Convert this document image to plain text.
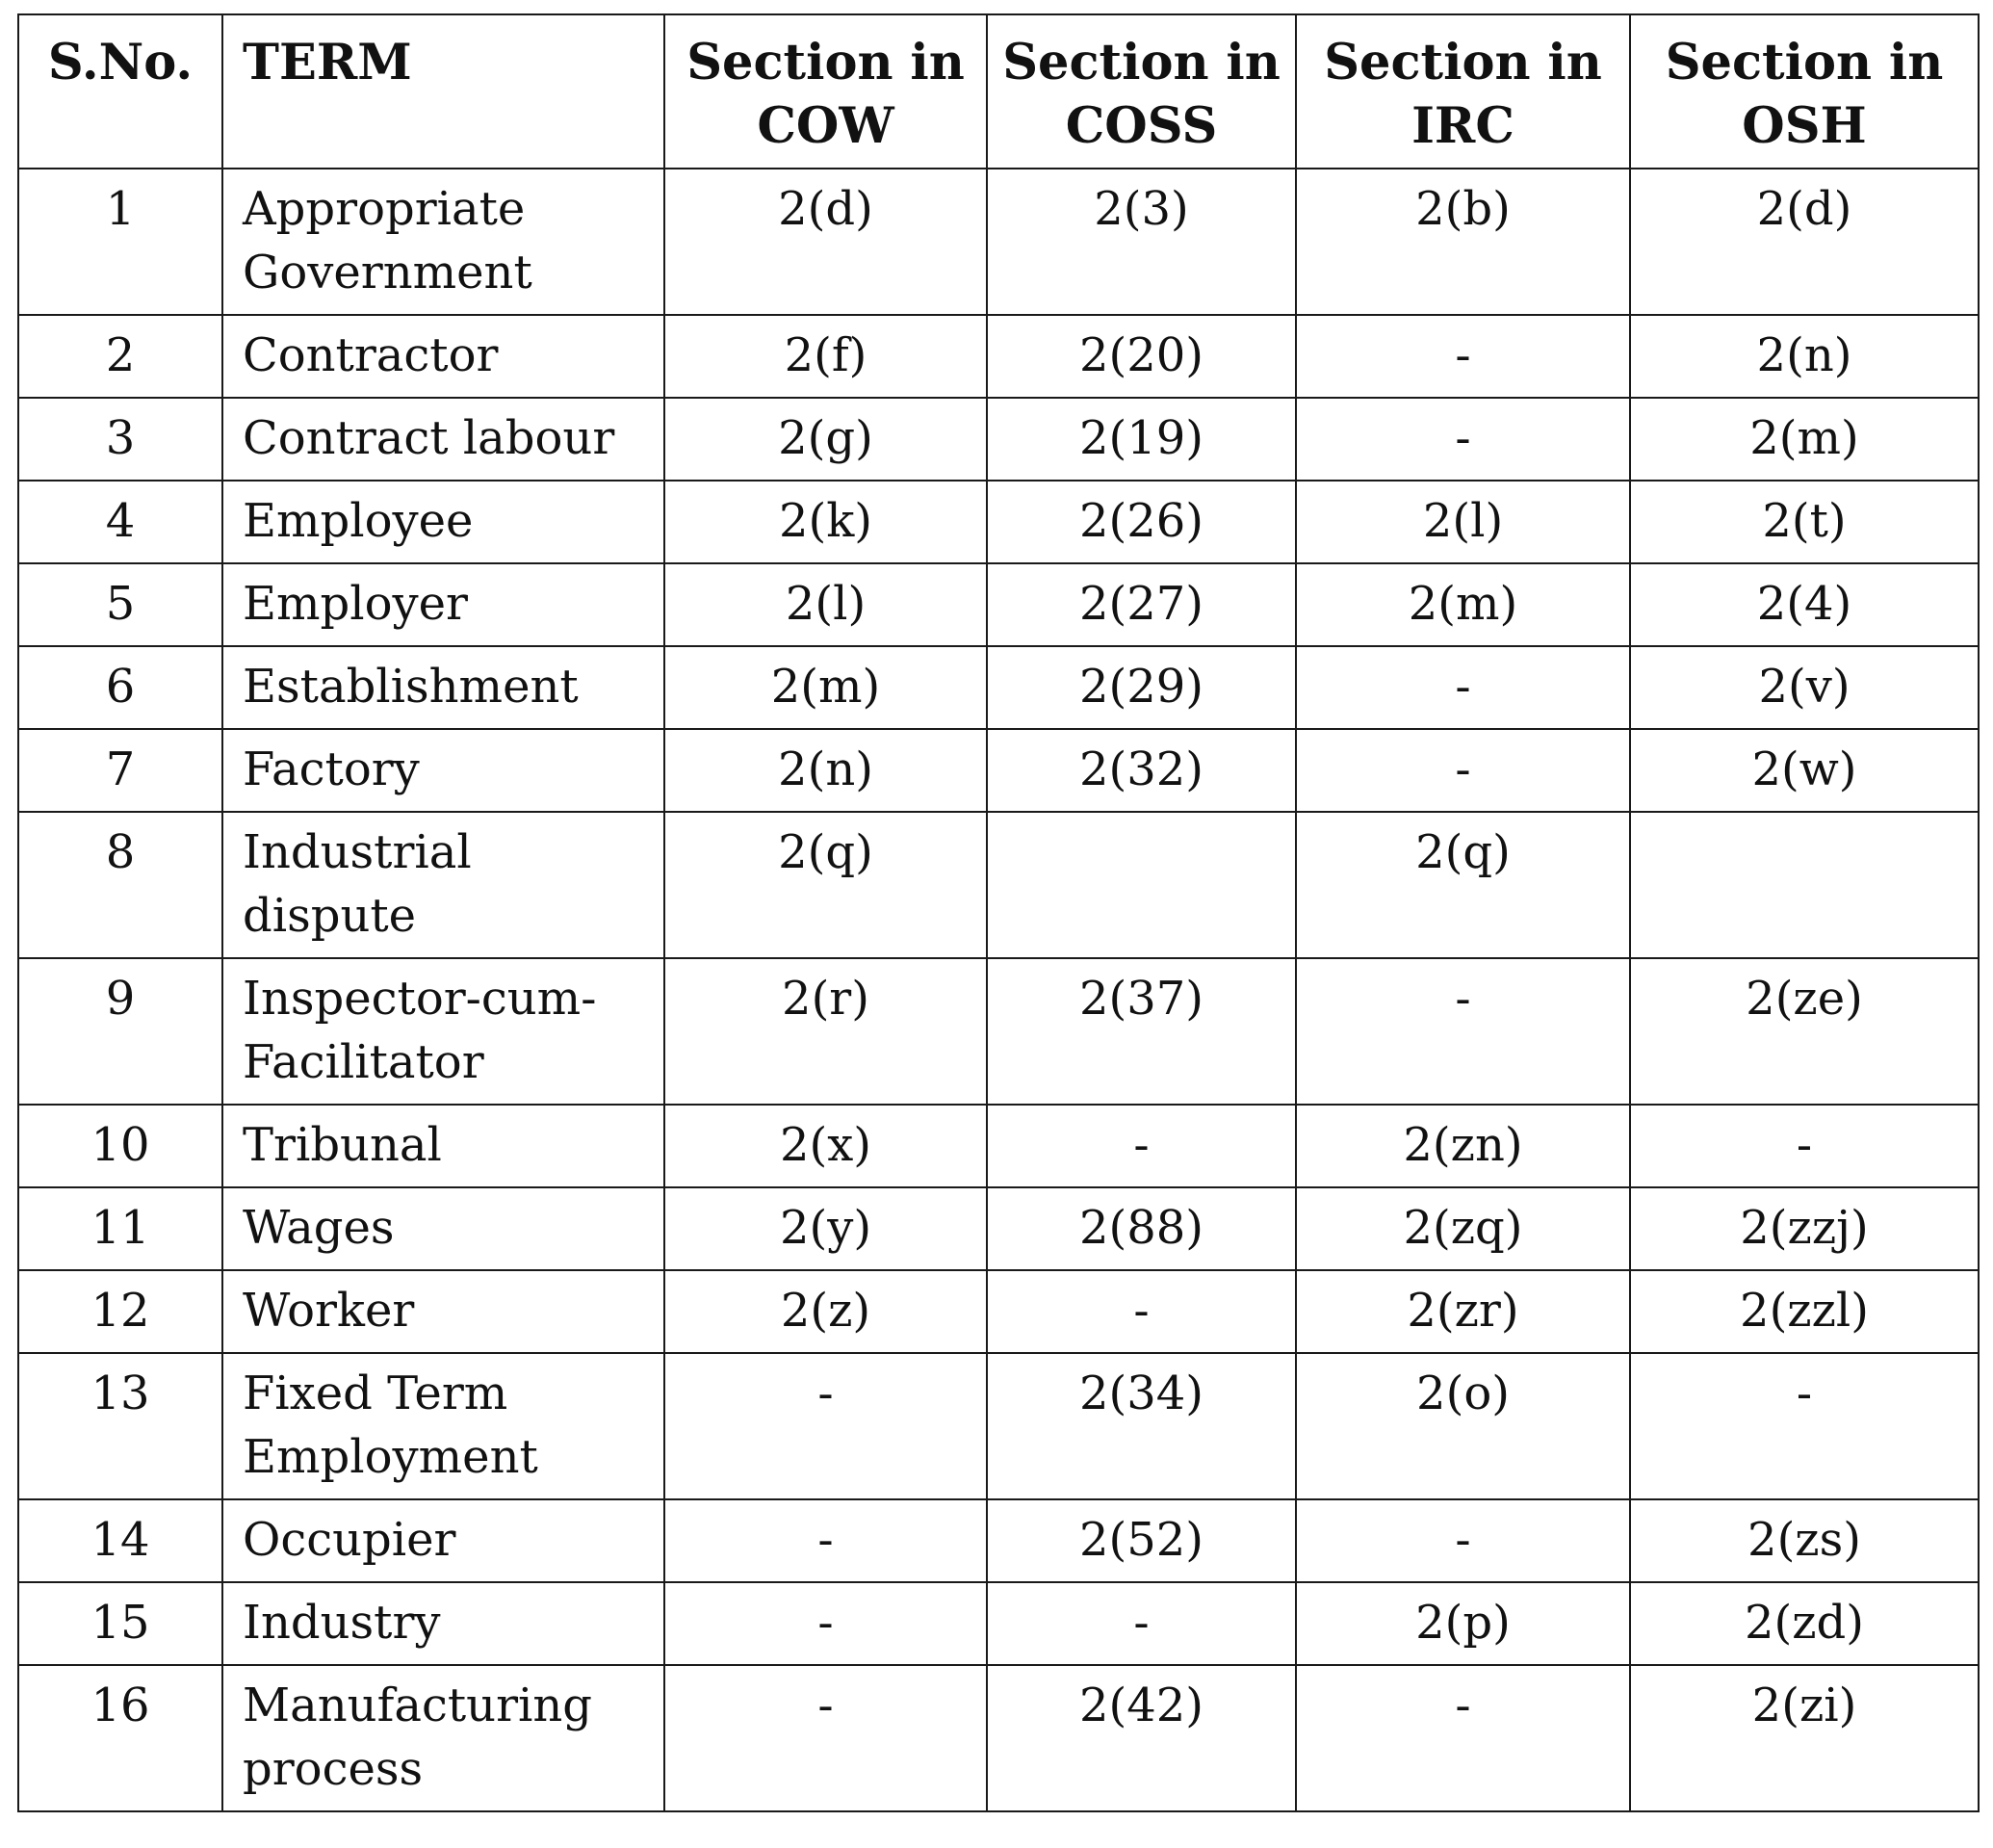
S.No.	TERM	Section in COW	Section in COSS	Section in IRC	Section in OSH
1	Appropriate Government	2(d)	2(3)	2(b)	2(d)
2	Contractor	2(f)	2(20)	-	2(n)
3	Contract labour	2(g)	2(19)	-	2(m)
4	Employee	2(k)	2(26)	2(l)	2(t)
5	Employer	2(l)	2(27)	2(m)	2(4)
6	Establishment	2(m)	2(29)	-	2(v)
7	Factory	2(n)	2(32)	-	2(w)
8	Industrial dispute	2(q)		2(q)	
9	Inspector-cum-Facilitator	2(r)	2(37)	-	2(ze)
10	Tribunal	2(x)	-	2(zn)	-
11	Wages	2(y)	2(88)	2(zq)	2(zzj)
12	Worker	2(z)	-	2(zr)	2(zzl)
13	Fixed Term Employment	-	2(34)	2(o)	-
14	Occupier	-	2(52)	-	2(zs)
15	Industry	-	-	2(p)	2(zd)
16	Manufacturing process	-	2(42)	-	2(zi)
